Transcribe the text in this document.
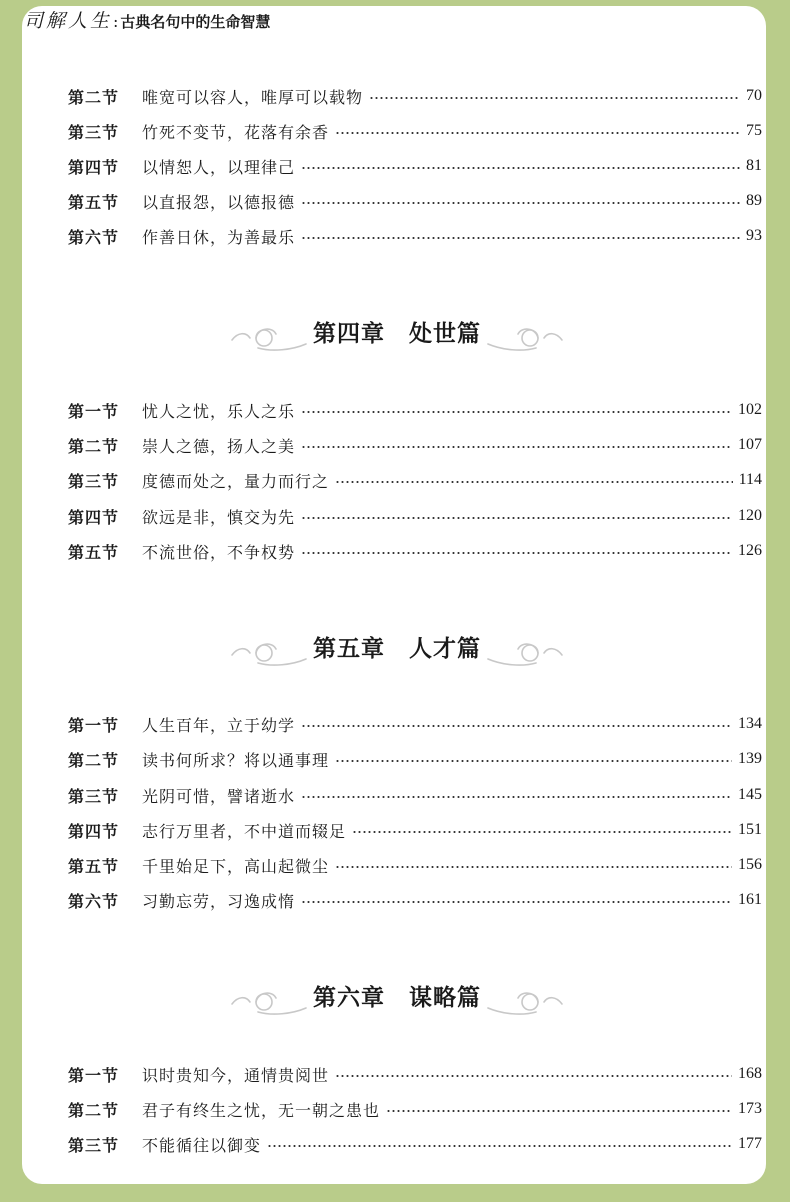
司解人生 : 古典名句中的生命智慧
第二节	唯宽可以容人，唯厚可以载物	70
第三节	竹死不变节，花落有余香	75
第四节	以情恕人，以理律己	81
第五节	以直报怨，以德报德	89
第六节	作善日休，为善最乐	93
第四章 处世篇
第一节	忧人之忧，乐人之乐	102
第二节	崇人之德，扬人之美	107
第三节	度德而处之，量力而行之	114
第四节	欲远是非，慎交为先	120
第五节	不流世俗，不争权势	126
第五章 人才篇
第一节	人生百年，立于幼学	134
第二节	读书何所求？将以通事理	139
第三节	光阴可惜，譬诸逝水	145
第四节	志行万里者，不中道而辍足	151
第五节	千里始足下，高山起微尘	156
第六节	习勤忘劳，习逸成惰	161
第六章 谋略篇
第一节	识时贵知今，通情贵阅世	168
第二节	君子有终生之忧，无一朝之患也	173
第三节	不能循往以御变	177
